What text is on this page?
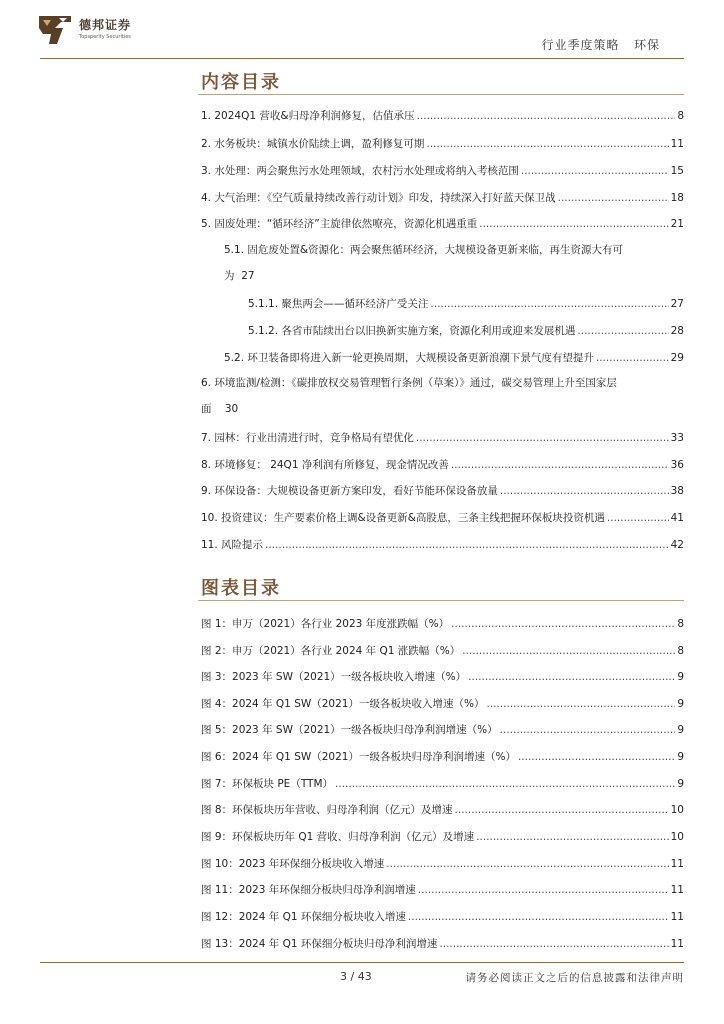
德邦证券
Topsperity Securities
行业季度策略 环保
内容目录
1. 2024Q1 营收&归母净利润修复，估值承压 .....	8
2. 水务板块：城镇水价陆续上调，盈利修复可期 .....	11
3. 水处理：两会聚焦污水处理领域，农村污水处理或将纳入考核范围 .....	15
4. 大气治理：《空气质量持续改善行动计划》印发，持续深入打好蓝天保卫战 .....	18
5. 固废处理：“循环经济”主旋律依然嘹亮，资源化机遇重重 .....	21
5.1. 固危废处置&资源化：两会聚焦循环经济，大规模设备更新来临，再生资源大有可
为 27
5.1.1. 聚焦两会——循环经济广受关注 .....	27
5.1.2. 各省市陆续出台以旧换新实施方案，资源化利用或迎来发展机遇 .....	28
5.2. 环卫装备即将进入新一轮更换周期，大规模设备更新浪潮下景气度有望提升 .....	29
6. 环境监测/检测：《碳排放权交易管理暂行条例（草案）》通过，碳交易管理上升至国家层
面 30
7. 园林：行业出清进行时，竞争格局有望优化 .....	33
8. 环境修复： 24Q1 净利润有所修复，现金情况改善 .....	36
9. 环保设备：大规模设备更新方案印发，看好节能环保设备放量 .....	38
10. 投资建议：生产要素价格上调&设备更新&高股息，三条主线把握环保板块投资机遇 .....	41
11. 风险提示 .....	42
图表目录
图 1：申万（2021）各行业 2023 年度涨跌幅（%） .....	8
图 2：申万（2021）各行业 2024 年 Q1 涨跌幅（%） .....	8
图 3：2023 年 SW（2021）一级各板块收入增速（%） .....	9
图 4：2024 年 Q1 SW（2021）一级各板块收入增速（%） .....	9
图 5：2023 年 SW（2021）一级各板块归母净利润增速（%） .....	9
图 6：2024 年 Q1 SW（2021）一级各板块归母净利润增速（%） .....	9
图 7：环保板块 PE（TTM） .....	9
图 8：环保板块历年营收、归母净利润（亿元）及增速 .....	10
图 9：环保板块历年 Q1 营收、归母净利润（亿元）及增速 .....	10
图 10：2023 年环保细分板块收入增速 .....	11
图 11：2023 年环保细分板块归母净利润增速 .....	11
图 12：2024 年 Q1 环保细分板块收入增速 .....	11
图 13：2024 年 Q1 环保细分板块归母净利润增速 .....	11
3 / 43	请务必阅读正文之后的信息披露和法律声明
